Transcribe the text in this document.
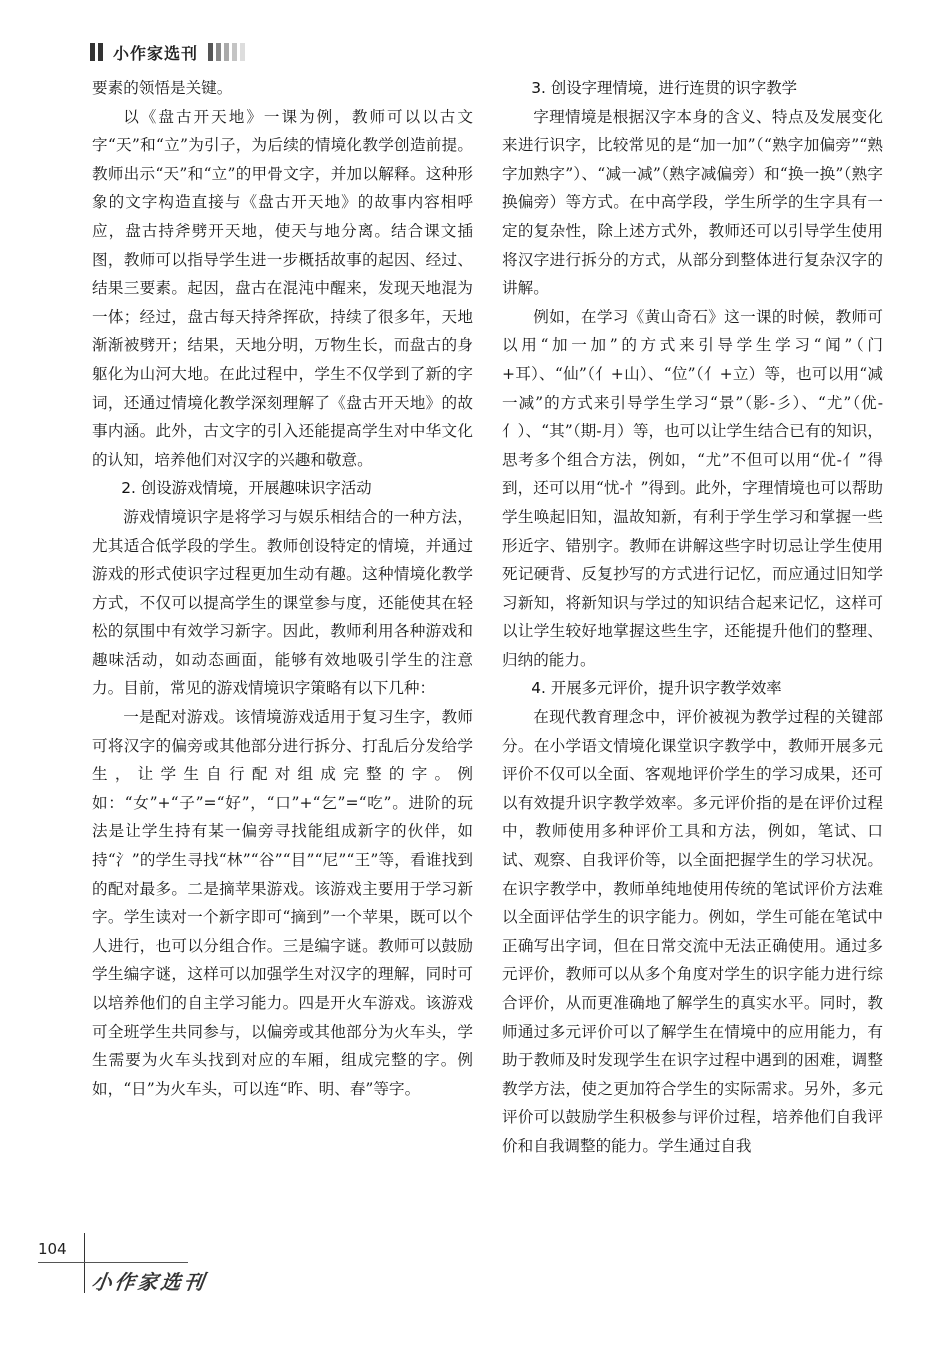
小作家选刊

要素的领悟是关键。

以《盘古开天地》一课为例，教师可以以古文字“天”和“立”为引子，为后续的情境化教学创造前提。教师出示“天”和“立”的甲骨文字，并加以解释。这种形象的文字构造直接与《盘古开天地》的故事内容相呼应，盘古持斧劈开天地，使天与地分离。结合课文插图，教师可以指导学生进一步概括故事的起因、经过、结果三要素。起因，盘古在混沌中醒来，发现天地混为一体；经过，盘古每天持斧挥砍，持续了很多年，天地渐渐被劈开；结果，天地分明，万物生长，而盘古的身躯化为山河大地。在此过程中，学生不仅学到了新的字词，还通过情境化教学深刻理解了《盘古开天地》的故事内涵。此外，古文字的引入还能提高学生对中华文化的认知，培养他们对汉字的兴趣和敬意。

2. 创设游戏情境，开展趣味识字活动

游戏情境识字是将学习与娱乐相结合的一种方法，尤其适合低学段的学生。教师创设特定的情境，并通过游戏的形式使识字过程更加生动有趣。这种情境化教学方式，不仅可以提高学生的课堂参与度，还能使其在轻松的氛围中有效学习新字。因此，教师利用各种游戏和趣味活动，如动态画面，能够有效地吸引学生的注意力。目前，常见的游戏情境识字策略有以下几种：

一是配对游戏。该情境游戏适用于复习生字，教师可将汉字的偏旁或其他部分进行拆分、打乱后分发给学生，让学生自行配对组成完整的字。例如：“女”+“子”=“好”，“口”+“乞”=“吃”。进阶的玩法是让学生持有某一偏旁寻找能组成新字的伙伴，如持“氵”的学生寻找“林”“谷”“目”“尼”“王”等，看谁找到的配对最多。二是摘苹果游戏。该游戏主要用于学习新字。学生读对一个新字即可“摘到”一个苹果，既可以个人进行，也可以分组合作。三是编字谜。教师可以鼓励学生编字谜，这样可以加强学生对汉字的理解，同时可以培养他们的自主学习能力。四是开火车游戏。该游戏可全班学生共同参与，以偏旁或其他部分为火车头，学生需要为火车头找到对应的车厢，组成完整的字。例如，“日”为火车头，可以连“昨、明、春”等字。

3. 创设字理情境，进行连贯的识字教学

字理情境是根据汉字本身的含义、特点及发展变化来进行识字，比较常见的是“加一加”（“熟字加偏旁”“熟字加熟字”）、“减一减”（熟字减偏旁）和“换一换”（熟字换偏旁）等方式。在中高学段，学生所学的生字具有一定的复杂性，除上述方式外，教师还可以引导学生使用将汉字进行拆分的方式，从部分到整体进行复杂汉字的讲解。

例如，在学习《黄山奇石》这一课的时候，教师可以用“加一加”的方式来引导学生学习“闻”（门+耳）、“仙”（亻+山）、“位”（亻+立）等，也可以用“减一减”的方式来引导学生学习“景”（影-彡）、“尤”（优-亻）、“其”（期-月）等，也可以让学生结合已有的知识，思考多个组合方法，例如，“尤”不但可以用“优-亻”得到，还可以用“忧-忄”得到。此外，字理情境也可以帮助学生唤起旧知，温故知新，有利于学生学习和掌握一些形近字、错别字。教师在讲解这些字时切忌让学生使用死记硬背、反复抄写的方式进行记忆，而应通过旧知学习新知，将新知识与学过的知识结合起来记忆，这样可以让学生较好地掌握这些生字，还能提升他们的整理、归纳的能力。

4. 开展多元评价，提升识字教学效率

在现代教育理念中，评价被视为教学过程的关键部分。在小学语文情境化课堂识字教学中，教师开展多元评价不仅可以全面、客观地评价学生的学习成果，还可以有效提升识字教学效率。多元评价指的是在评价过程中，教师使用多种评价工具和方法，例如，笔试、口试、观察、自我评价等，以全面把握学生的学习状况。在识字教学中，教师单纯地使用传统的笔试评价方法难以全面评估学生的识字能力。例如，学生可能在笔试中正确写出字词，但在日常交流中无法正确使用。通过多元评价，教师可以从多个角度对学生的识字能力进行综合评价，从而更准确地了解学生的真实水平。同时，教师通过多元评价可以了解学生在情境中的应用能力，有助于教师及时发现学生在识字过程中遇到的困难，调整教学方法，使之更加符合学生的实际需求。另外，多元评价可以鼓励学生积极参与评价过程，培养他们自我评价和自我调整的能力。学生通过自我

104
小作家选刊
